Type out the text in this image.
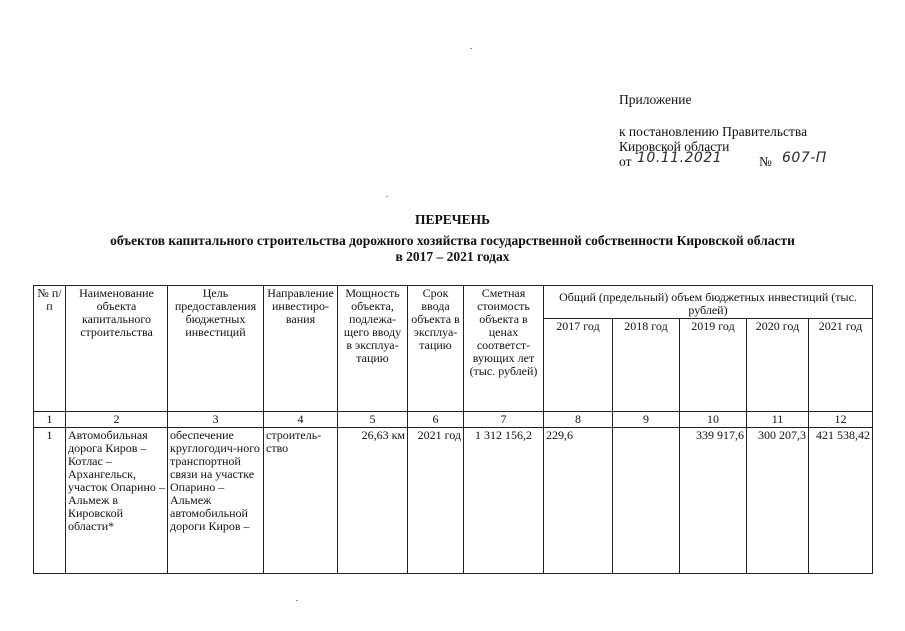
Приложение
к постановлению Правительства
Кировской области
от 10.11.2021	№ 607-П
ПЕРЕЧЕНЬ
объектов капитального строительства дорожного хозяйства государственной собственности Кировской области
в 2017 – 2021 годах
№ п/п	Наименование объекта капитального строительства	Цель предоставления бюджетных инвестиций	Направление инвестиро-вания	Мощность объекта, подлежа-щего вводу в эксплуа-тацию	Срок ввода объекта в эксплуа-тацию	Сметная стоимость объекта в ценах соответст-вующих лет (тыс. рублей)	Общий (предельный) объем бюджетных инвестиций (тыс. рублей)				
							2017 год	2018 год	2019 год	2020 год	2021 год
1	2	3	4	5	6	7	8	9	10	11	12
1	Автомобильная дорога Киров – Котлас – Архангельск, участок Опарино – Альмеж в Кировской области*	обеспечение круглогодич-ного транспортной связи на участке Опарино – Альмеж автомобильной дороги Киров –	строитель-ство	26,63 км	2021 год	1 312 156,2	229,6		339 917,6	300 207,3	421 538,42
